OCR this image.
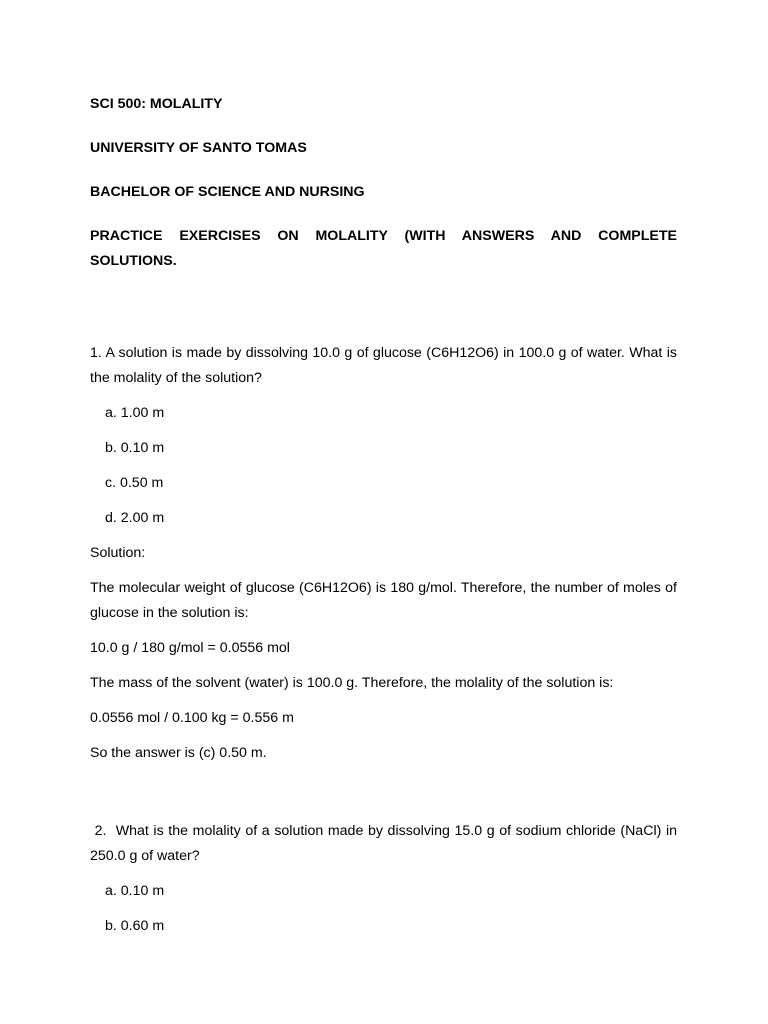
SCI 500: MOLALITY
UNIVERSITY OF SANTO TOMAS
BACHELOR OF SCIENCE AND NURSING
PRACTICE EXERCISES ON MOLALITY (WITH ANSWERS AND COMPLETE SOLUTIONS.

1. A solution is made by dissolving 10.0 g of glucose (C6H12O6) in 100.0 g of water. What is the molality of the solution?

a. 1.00 m
b. 0.10 m
c. 0.50 m
d. 2.00 m
Solution:

The molecular weight of glucose (C6H12O6) is 180 g/mol. Therefore, the number of moles of glucose in the solution is:

10.0 g / 180 g/mol = 0.0556 mol
The mass of the solvent (water) is 100.0 g. Therefore, the molality of the solution is:
0.0556 mol / 0.100 kg = 0.556 m
So the answer is (c) 0.50 m.

2.  What is the molality of a solution made by dissolving 15.0 g of sodium chloride (NaCl) in 250.0 g of water?

a. 0.10 m
b. 0.60 m
